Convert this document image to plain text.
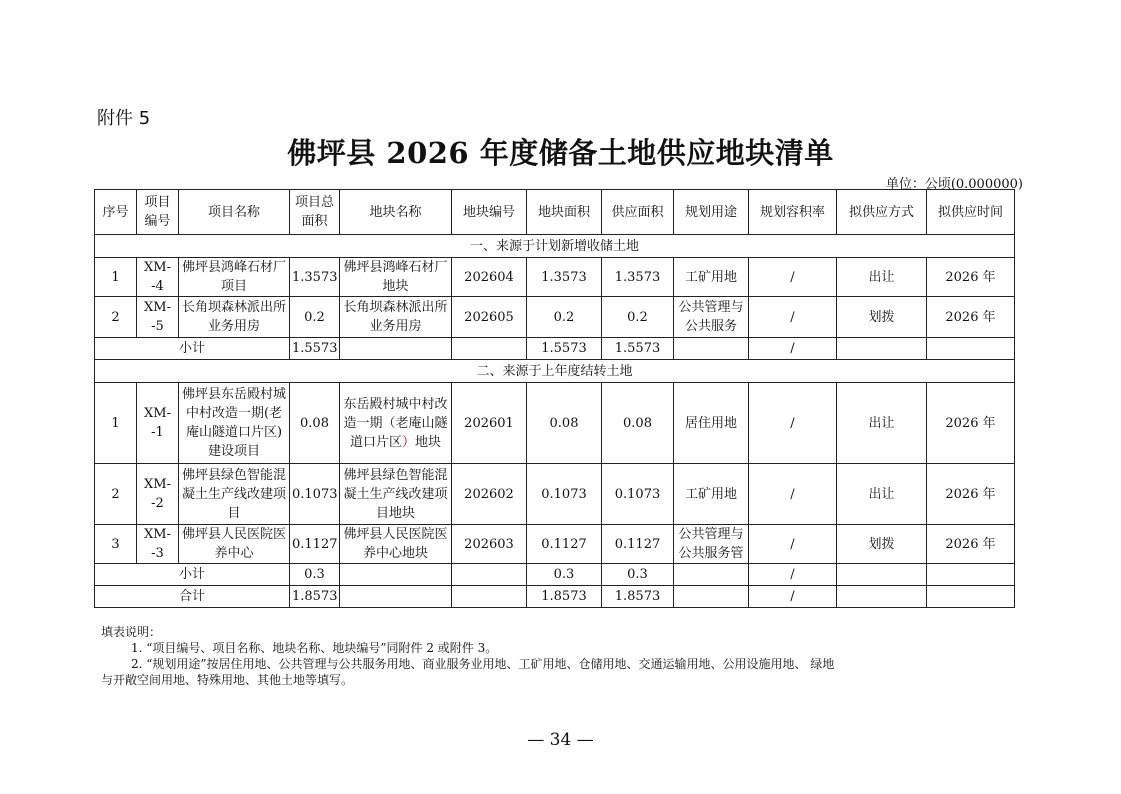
附件 5
佛坪县 2026 年度储备土地供应地块清单
单位：公顷(0.000000)
序号	项目编号	项目名称	项目总面积	地块名称	地块编号	地块面积	供应面积	规划用途	规划容积率	拟供应方式	拟供应时间
一、来源于计划新增收储土地											
1	XM--4	佛坪县鸿峰石材厂项目	1.3573	佛坪县鸿峰石材厂地块	202604	1.3573	1.3573	工矿用地	/	出让	2026 年
2	XM--5	长角坝森林派出所业务用房	0.2	长角坝森林派出所业务用房	202605	0.2	0.2	公共管理与公共服务	/	划拨	2026 年
小计			1.5573			1.5573	1.5573		/		
二、来源于上年度结转土地											
1	XM--1	佛坪县东岳殿村城中村改造一期(老庵山隧道口片区)建设项目	0.08	东岳殿村城中村改造一期（老庵山隧道口片区）地块	202601	0.08	0.08	居住用地	/	出让	2026 年
2	XM--2	佛坪县绿色智能混凝土生产线改建项目	0.1073	佛坪县绿色智能混凝土生产线改建项目地块	202602	0.1073	0.1073	工矿用地	/	出让	2026 年
3	XM--3	佛坪县人民医院医养中心	0.1127	佛坪县人民医院医养中心地块	202603	0.1127	0.1127	公共管理与公共服务管	/	划拨	2026 年
小计			0.3			0.3	0.3		/		
合计			1.8573			1.8573	1.8573		/		
填表说明：
1. “项目编号、项目名称、地块名称、地块编号”同附件 2 或附件 3。
2. “规划用途”按居住用地、公共管理与公共服务用地、商业服务业用地、工矿用地、仓储用地、交通运输用地、公用设施用地、 绿地
与开敞空间用地、特殊用地、其他土地等填写。
— 34 —
